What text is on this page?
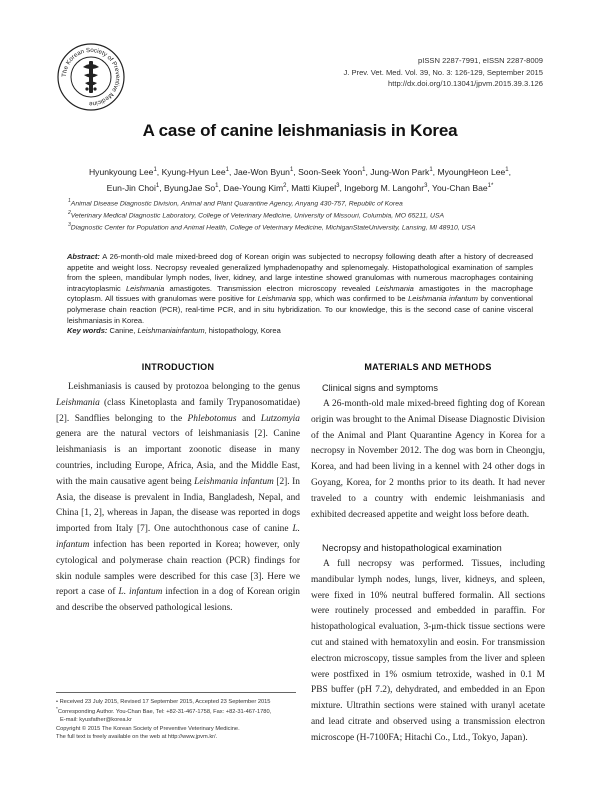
The Korean Society of Preventive Medicine
pISSN 2287-7991, eISSN 2287-8009
J. Prev. Vet. Med. Vol. 39, No. 3: 126-129, September 2015
http://dx.doi.org/10.13041/jpvm.2015.39.3.126
A case of canine leishmaniasis in Korea
Hyunkyoung Lee$^1$, Kyung-Hyun Lee$^1$, Jae-Won Byun$^1$, Soon-Seek Yoon$^1$, Jung-Won Park$^1$, MyoungHeon Lee$^1$,
Eun-Jin Choi$^1$, ByungJae So$^1$, Dae-Young Kim$^2$, Matti Kiupel$^3$, Ingeborg M. Langohr$^3$, You-Chan Bae$^{1*}$
$^1$Animal Disease Diagnostic Division, Animal and Plant Quarantine Agency, Anyang 430-757, Republic of Korea
$^2$Veterinary Medical Diagnostic Laboratory, College of Veterinary Medicine, University of Missouri, Columbia, MO 65211, USA
$^3$Diagnostic Center for Population and Animal Health, College of Veterinary Medicine, MichiganStateUniversity, Lansing, MI 48910, USA
Abstract: A 26-month-old male mixed-breed dog of Korean origin was subjected to necropsy following death after a history of decreased appetite and weight loss. Necropsy revealed generalized lymphadenopathy and splenomegaly. Histopathological examination of samples from the spleen, mandibular lymph nodes, liver, kidney, and large intestine showed granulomas with numerous macrophages containing intracytoplasmic Leishmania amastigotes. Transmission electron microscopy revealed Leishmania amastigotes in the macrophage cytoplasm. All tissues with granulomas were positive for Leishmania spp, which was confirmed to be Leishmania infantum by conventional polymerase chain reaction (PCR), real-time PCR, and in situ hybridization. To our knowledge, this is the second case of canine visceral leishmaniasis in Korea.
Key words: Canine, Leishmaniainfantum, histopathology, Korea
INTRODUCTION

Leishmaniasis is caused by protozoa belonging to the genus Leishmania (class Kinetoplasta and family Trypanosomatidae) [2]. Sandflies belonging to the Phlebotomus and Lutzomyia genera are the natural vectors of leishmaniasis [2]. Canine leishmaniasis is an important zoonotic disease in many countries, including Europe, Africa, Asia, and the Middle East, with the main causative agent being Leishmania infantum [2]. In Asia, the disease is prevalent in India, Bangladesh, Nepal, and China [1, 2], whereas in Japan, the disease was reported in dogs imported from Italy [7]. One autochthonous case of canine L. infantum infection has been reported in Korea; however, only cytological and polymerase chain reaction (PCR) findings for skin nodule samples were described for this case [3]. Here we report a case of L. infantum infection in a dog of Korean origin and describe the observed pathological lesions.

MATERIALS AND METHODS
Clinical signs and symptoms

A 26-month-old male mixed-breed fighting dog of Korean origin was brought to the Animal Disease Diagnostic Division of the Animal and Plant Quarantine Agency in Korea for a necropsy in November 2012. The dog was born in Cheongju, Korea, and had been living in a kennel with 24 other dogs in Goyang, Korea, for 2 months prior to its death. It had never traveled to a country with endemic leishmaniasis and exhibited decreased appetite and weight loss before death.

Necropsy and histopathological examination

A full necropsy was performed. Tissues, including mandibular lymph nodes, lungs, liver, kidneys, and spleen, were fixed in 10% neutral buffered formalin. All sections were routinely processed and embedded in paraffin. For histopathological evaluation, 3-μm-thick tissue sections were cut and stained with hematoxylin and eosin. For transmission electron microscopy, tissue samples from the liver and spleen were postfixed in 1% osmium tetroxide, washed in 0.1 M PBS buffer (pH 7.2), dehydrated, and embedded in an Epon mixture. Ultrathin sections were stained with uranyl acetate and lead citrate and observed using a transmission electron microscope (H-7100FA; Hitachi Co., Ltd., Tokyo, Japan).

• Received 23 July 2015, Revised 17 September 2015, Accepted 23 September 2015
*Corresponding Author. You-Chan Bae, Tel: +82-31-467-1758, Fax: +82-31-467-1780,
E-mail: kyusfather@korea.kr
Copyright © 2015 The Korean Society of Preventive Veterinary Medicine.
The full text is freely available on the web at http://www.jpvm.kr/.
